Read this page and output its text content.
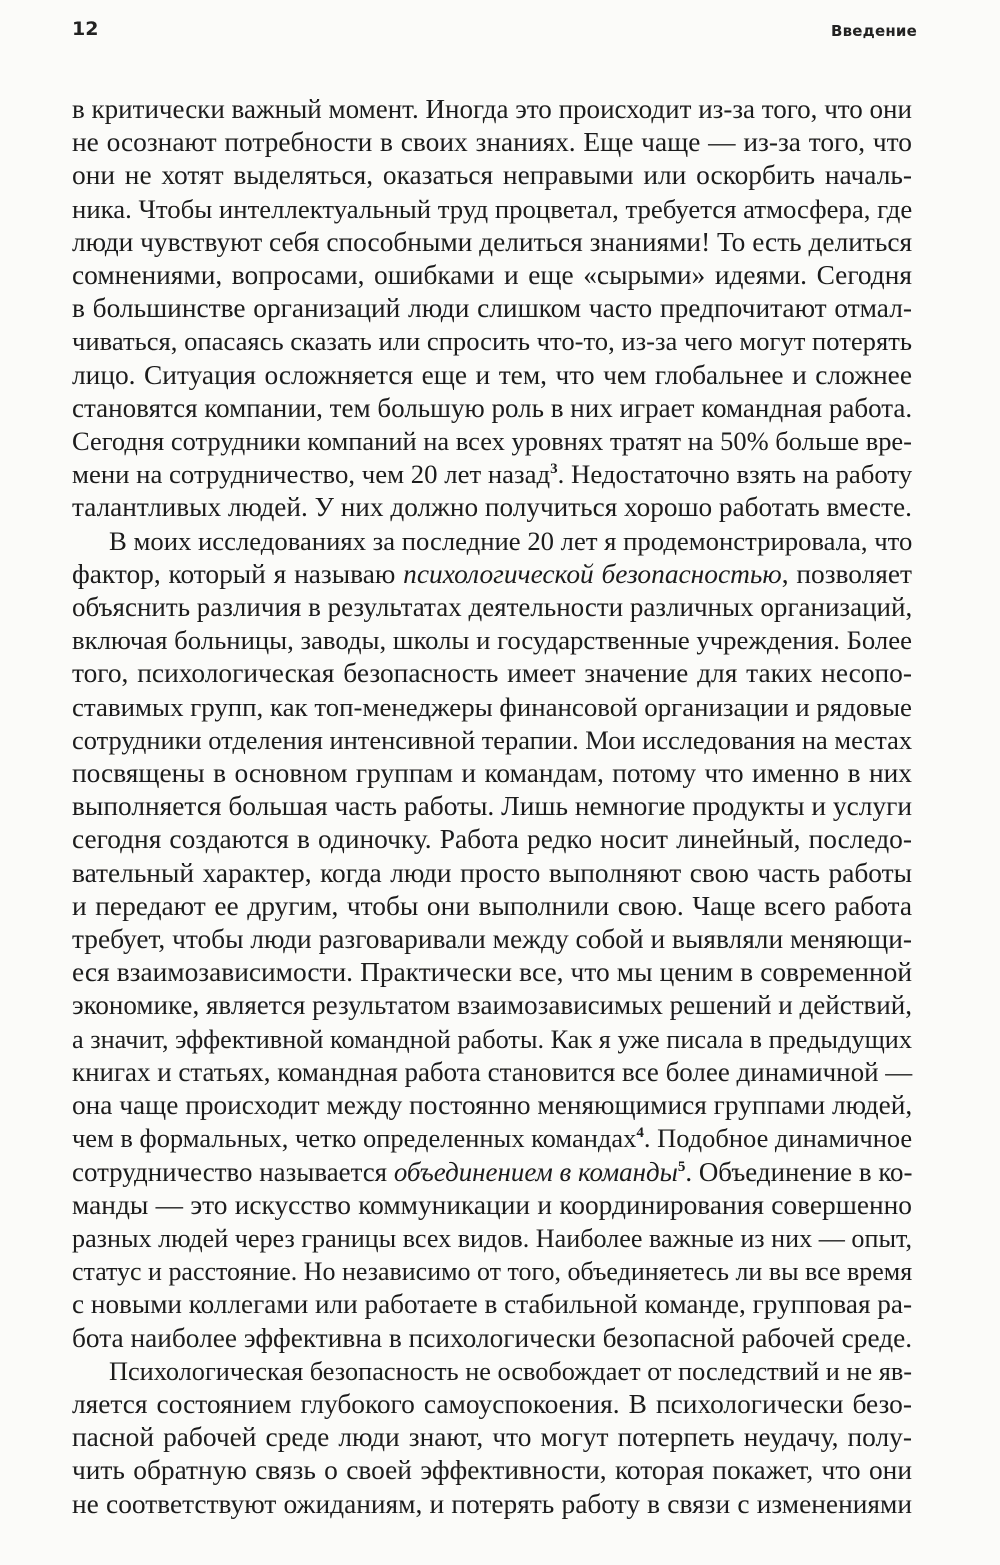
12	Введение

в критически важный момент. Иногда это происходит из-за того, что они
не осознают потребности в своих знаниях. Еще чаще — из-за того, что
они не хотят выделяться, оказаться неправыми или оскорбить началь-
ника. Чтобы интеллектуальный труд процветал, требуется атмосфера, где
люди чувствуют себя способными делиться знаниями! То есть делиться
сомнениями, вопросами, ошибками и еще «сырыми» идеями. Сегодня
в большинстве организаций люди слишком часто предпочитают отмал-
чиваться, опасаясь сказать или спросить что-то, из-за чего могут потерять
лицо. Ситуация осложняется еще и тем, что чем глобальнее и сложнее
становятся компании, тем большую роль в них играет командная работа.
Сегодня сотрудники компаний на всех уровнях тратят на 50% больше вре-
мени на сотрудничество, чем 20 лет назад$^3$. Недостаточно взять на работу
талантливых людей. У них должно получиться хорошо работать вместе.

В моих исследованиях за последние 20 лет я продемонстрировала, что
фактор, который я называю психологической безопасностью, позволяет
объяснить различия в результатах деятельности различных организаций,
включая больницы, заводы, школы и государственные учреждения. Более
того, психологическая безопасность имеет значение для таких несопо-
ставимых групп, как топ-менеджеры финансовой организации и рядовые
сотрудники отделения интенсивной терапии. Мои исследования на местах
посвящены в основном группам и командам, потому что именно в них
выполняется большая часть работы. Лишь немногие продукты и услуги
сегодня создаются в одиночку. Работа редко носит линейный, последо-
вательный характер, когда люди просто выполняют свою часть работы
и передают ее другим, чтобы они выполнили свою. Чаще всего работа
требует, чтобы люди разговаривали между собой и выявляли меняющи-
еся взаимозависимости. Практически все, что мы ценим в современной
экономике, является результатом взаимозависимых решений и действий,
а значит, эффективной командной работы. Как я уже писала в предыдущих
книгах и статьях, командная работа становится все более динамичной —
она чаще происходит между постоянно меняющимися группами людей,
чем в формальных, четко определенных командах$^4$. Подобное динамичное
сотрудничество называется объединением в команды$^5$. Объединение в ко-
манды — это искусство коммуникации и координирования совершенно
разных людей через границы всех видов. Наиболее важные из них — опыт,
статус и расстояние. Но независимо от того, объединяетесь ли вы все время
с новыми коллегами или работаете в стабильной команде, групповая ра-
бота наиболее эффективна в психологически безопасной рабочей среде.

Психологическая безопасность не освобождает от последствий и не яв-
ляется состоянием глубокого самоуспокоения. В психологически безо-
пасной рабочей среде люди знают, что могут потерпеть неудачу, полу-
чить обратную связь о своей эффективности, которая покажет, что они
не соответствуют ожиданиям, и потерять работу в связи с изменениями
